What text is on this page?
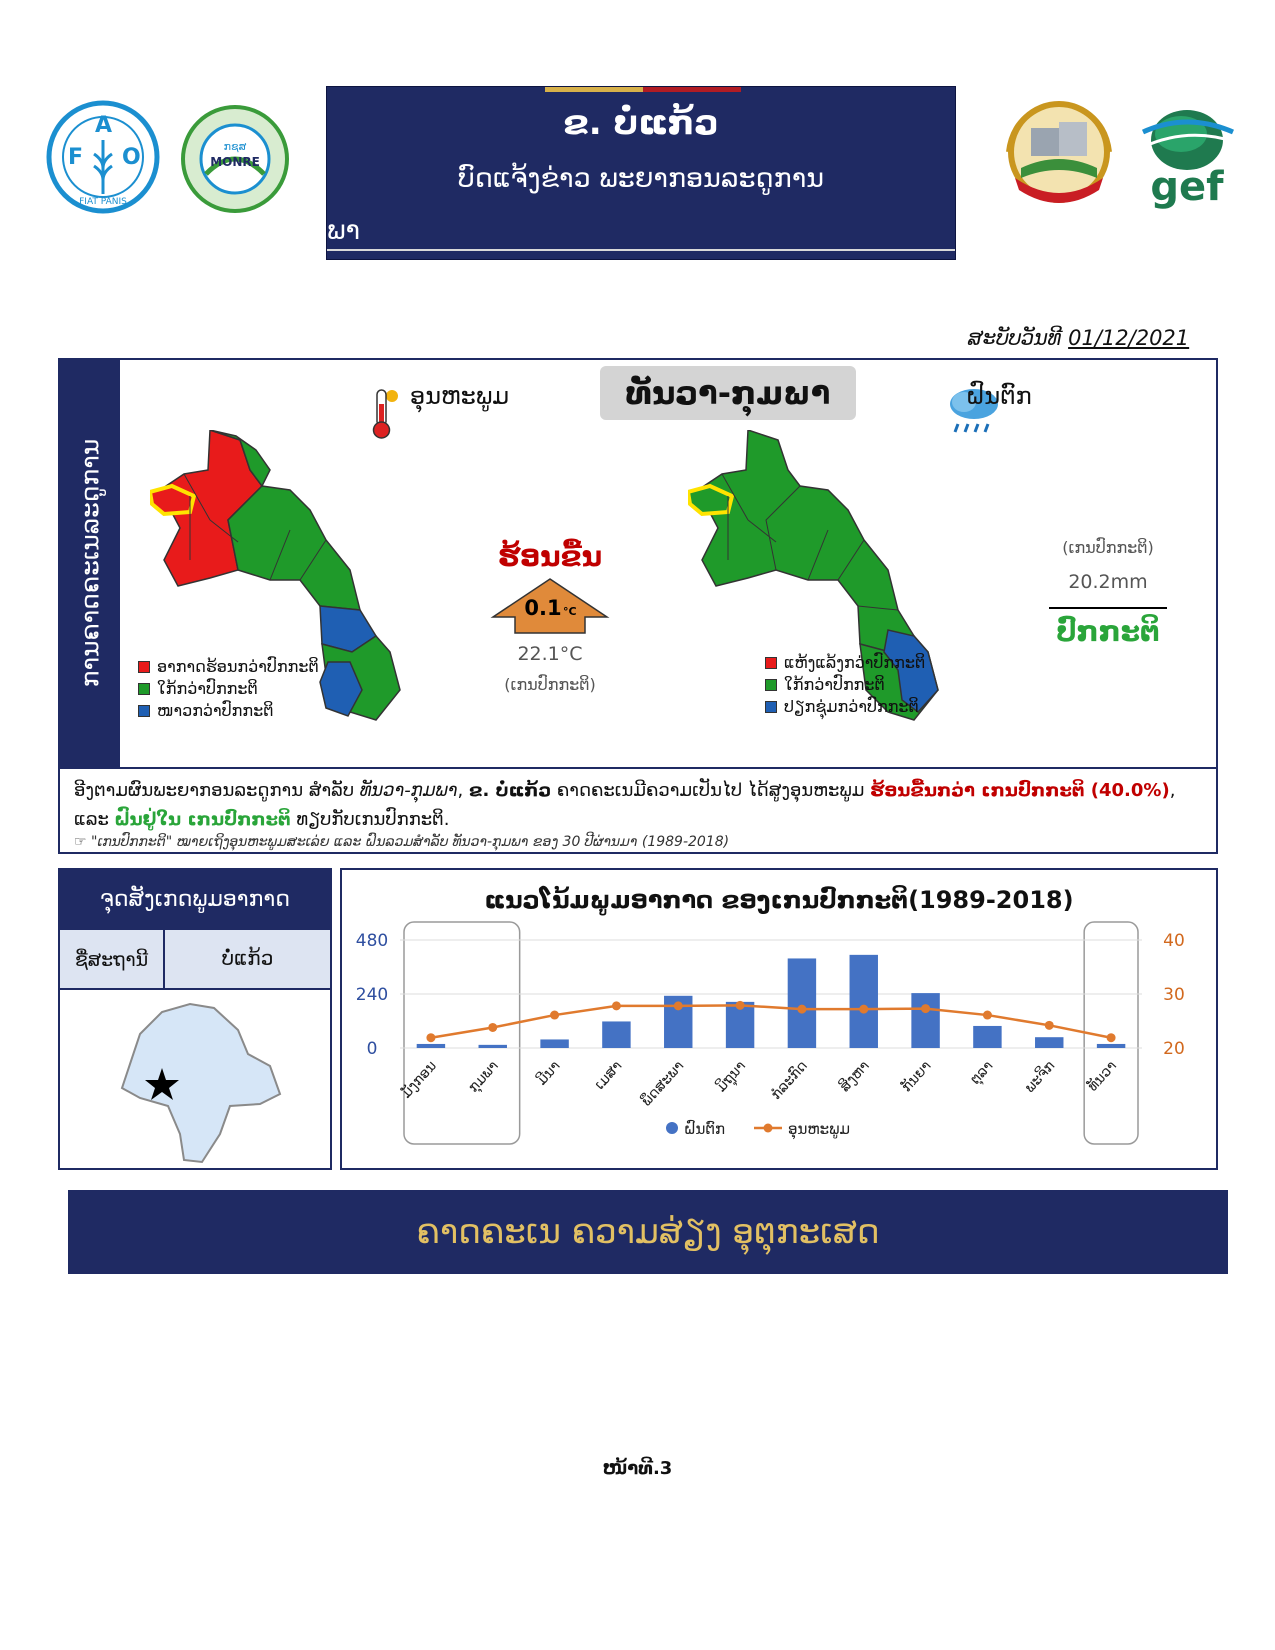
F
A
O
FIAT PANIS
ກຊສ
MONRE
ຂ. ບໍ່ແກ້ວ
ບົດແຈ້ງຂ່າວ ພະຍາກອນລະດູການ
ພາ
gef
ສະບັບວັນທີ 01/12/2021
ການຄາດຄະເນລະດູການ
ທັນວາ-ກຸມພາ
ອຸນຫະພູມ	ຝົນຕົກ
ອາກາດຮ້ອນກວ່າປົກກະຕິ
ໃກ້ກວ່າປົກກະຕິ
ໜາວກວ່າປົກກະຕິ
ຮ້ອນຂື້ນ
0.1 °C
22.1°C
(ເກນປົກກະຕິ)
ແຫ້ງແລ້ງກວ່າປົກກະຕິ
ໃກ້ກວ່າປົກກະຕິ
ປຽກຊຸ່ມກວ່າປົກກະຕິ
(ເກນປົກກະຕິ)
20.2mm
ປົກກະຕິ

ອີງຕາມຜົນພະຍາກອນລະດູການ ສຳລັບ ທັນວາ-ກຸມພາ, ຂ. ບໍ່ແກ້ວ ຄາດຄະເນມີຄວາມເປັນໄປ ໄດ້ສູງອຸນຫະພູມ ຮ້ອນຂື້ນກວ່າ ເກນປົກກະຕິ (40.0%), ແລະ ຝົນຢູ່ໃນ ເກນປົກກະຕິ ທຽບກັບເກນປົກກະຕິ.

☞ "ເກນປົກກະຕິ" ໝາຍເຖິງອຸນຫະພູມສະເລ່ຍ ແລະ ຝົນລວມສຳລັບ ທັນວາ-ກຸມພາ ຂອງ 30 ປີຜ່ານມາ (1989-2018)

ຈຸດສັງເກດພູມອາກາດ
ຊື່ສະຖານີ	ບໍ່ແກ້ວ
ແນວໂນ້ມພູມອາກາດ ຂອງເກນປົກກະຕິ(1989-2018)
480
240
0
40
30
20
ມັງກອນ ກຸມພາ ມີນາ ເມສາ ພຶດສະພາ ມິຖຸນາ ກໍລະກົດ ສິງຫາ ກັນຍາ ຕຸລາ ພະຈິກ ທັນວາ
ຝົນຕົກ	ອຸນຫະພູມ
ຄາດຄະເນ ຄວາມສ່ຽງ ອຸຕຸກະເສດ
ໜ້າທີ.3
